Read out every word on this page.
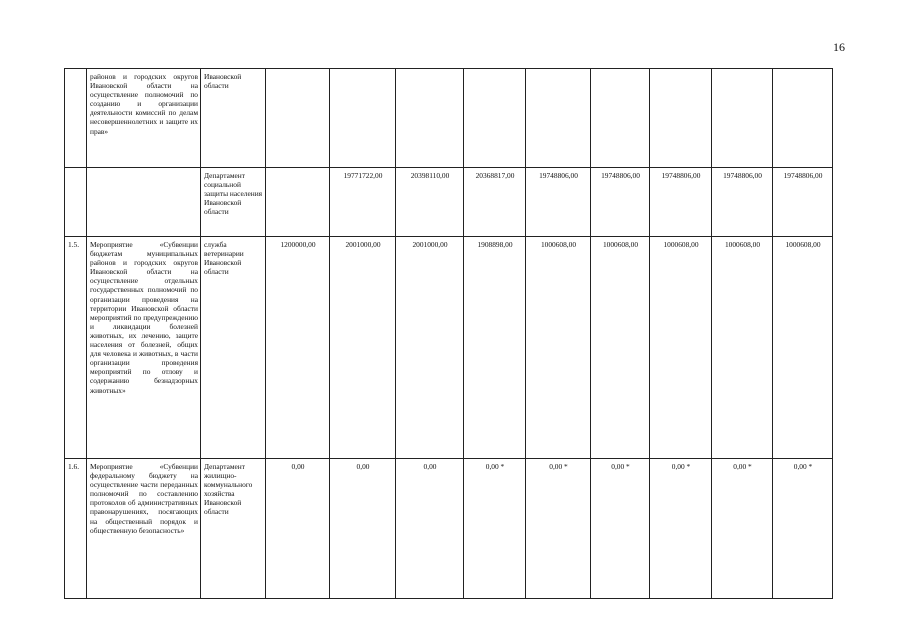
16
	районов и городских округов Ивановской области на осуществление полномочий по созданию и организации деятельности комиссий по делам несовершеннолетних и защите их прав»	Ивановской области									
		Департамент социальной защиты населения Ивановской области		19771722,00	20398110,00	20368817,00	19748806,00	19748806,00	19748806,00	19748806,00	19748806,00
1.5.	Мероприятие «Субвенции бюджетам муниципальных районов и городских округов Ивановской области на осуществление отдельных государственных полномочий по организации проведения на территории Ивановской области мероприятий по предупреждению и ликвидации болезней животных, их лечению, защите населения от болезней, общих для человека и животных, в части организации проведения мероприятий по отлову и содержанию безнадзорных животных»	служба ветеринарии Ивановской области	1200000,00	2001000,00	2001000,00	1908898,00	1000608,00	1000608,00	1000608,00	1000608,00	1000608,00
1.6.	Мероприятие «Субвенции федеральному бюджету на осуществление части переданных полномочий по составлению протоколов об административных правонарушениях, посягающих на общественный порядок и общественную безопасность»	Департамент жилищно-коммунального хозяйства Ивановской области	0,00	0,00	0,00	0,00 *	0,00 *	0,00 *	0,00 *	0,00 *	0,00 *
